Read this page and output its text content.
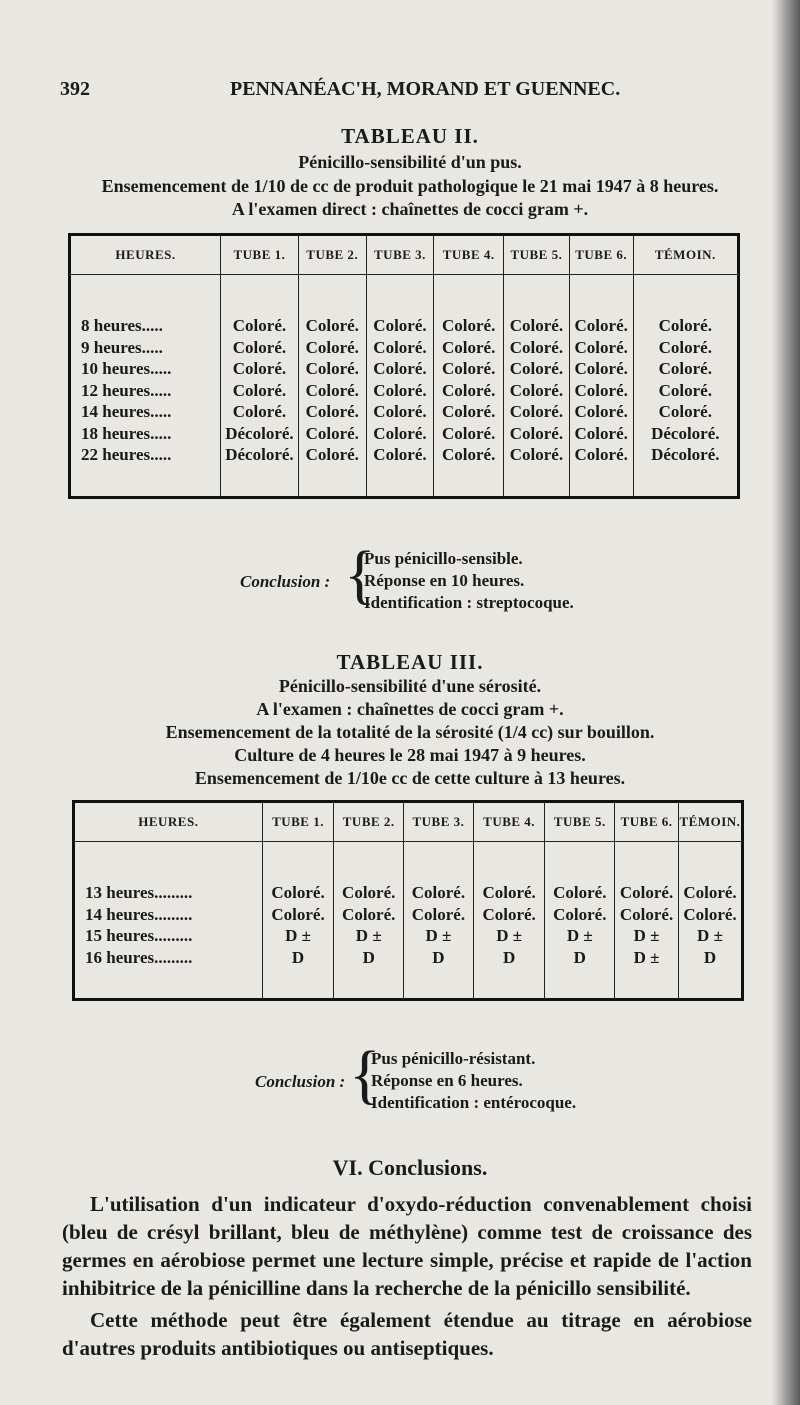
392	PENNANÉAC'H, MORAND ET GUENNEC.
TABLEAU II.
Pénicillo-sensibilité d'un pus.
Ensemencement de 1/10 de cc de produit pathologique le 21 mai 1947 à 8 heures.
A l'examen direct : chaînettes de cocci gram +.
HEURES.	TUBE 1.	TUBE 2.	TUBE 3.	TUBE 4.	TUBE 5.	TUBE 6.	TÉMOIN.

8 heures.....	Coloré.	Coloré.	Coloré.	Coloré.	Coloré.	Coloré.	Coloré.
9 heures.....	Coloré.	Coloré.	Coloré.	Coloré.	Coloré.	Coloré.	Coloré.
10 heures.....	Coloré.	Coloré.	Coloré.	Coloré.	Coloré.	Coloré.	Coloré.
12 heures.....	Coloré.	Coloré.	Coloré.	Coloré.	Coloré.	Coloré.	Coloré.
14 heures.....	Coloré.	Coloré.	Coloré.	Coloré.	Coloré.	Coloré.	Coloré.
18 heures.....	Décoloré.	Coloré.	Coloré.	Coloré.	Coloré.	Coloré.	Décoloré.
22 heures.....	Décoloré.	Coloré.	Coloré.	Coloré.	Coloré.	Coloré.	Décoloré.

Conclusion : {
Pus pénicillo-sensible.
Réponse en 10 heures.
Identification : streptocoque.
TABLEAU III.
Pénicillo-sensibilité d'une sérosité.
A l'examen : chaînettes de cocci gram +.
Ensemencement de la totalité de la sérosité (1/4 cc) sur bouillon.
Culture de 4 heures le 28 mai 1947 à 9 heures.
Ensemencement de 1/10e cc de cette culture à 13 heures.
HEURES.	TUBE 1.	TUBE 2.	TUBE 3.	TUBE 4.	TUBE 5.	TUBE 6.	TÉMOIN.

13 heures.........	Coloré.	Coloré.	Coloré.	Coloré.	Coloré.	Coloré.	Coloré.
14 heures.........	Coloré.	Coloré.	Coloré.	Coloré.	Coloré.	Coloré.	Coloré.
15 heures.........	D ±	D ±	D ±	D ±	D ±	D ±	D ±
16 heures.........	D	D	D	D	D	D ±	D

Conclusion : {
Pus pénicillo-résistant.
Réponse en 6 heures.
Identification : entérocoque.
VI. Conclusions.
L'utilisation d'un indicateur d'oxydo-réduction convenablement choisi (bleu de crésyl brillant, bleu de méthylène) comme test de croissance des germes en aérobiose permet une lecture simple, précise et rapide de l'action inhibitrice de la pénicilline dans la recherche de la pénicillo sensibilité.
Cette méthode peut être également étendue au titrage en aérobiose d'autres produits antibiotiques ou antiseptiques.
